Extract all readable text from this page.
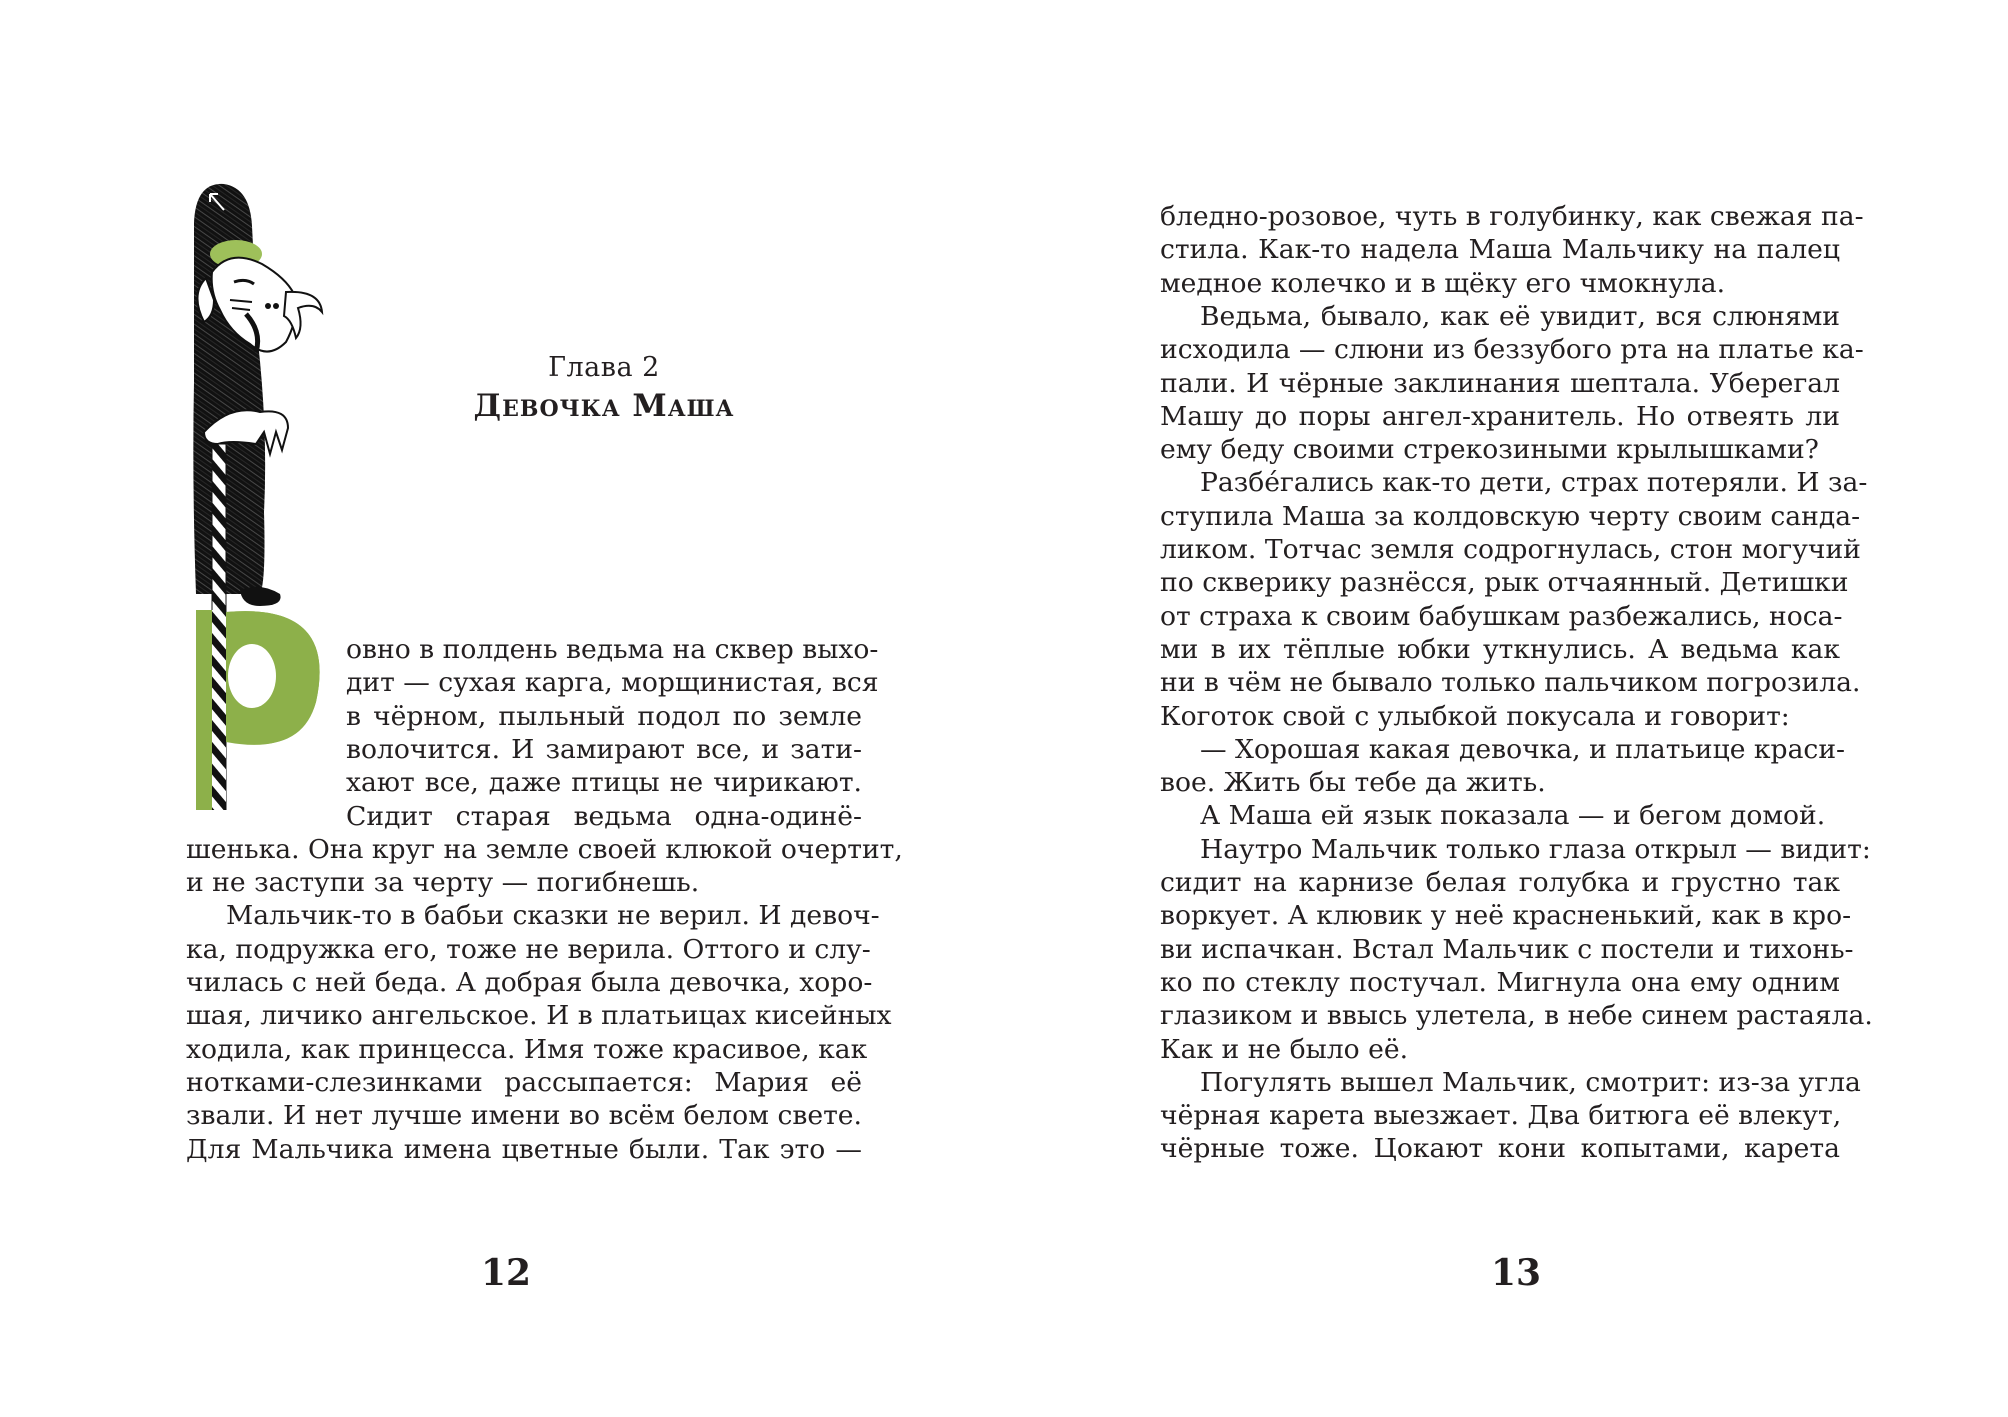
Глава 2
Девочка Маша
овно в полдень ведьма на сквер выхо-
дит — сухая карга, морщинистая, вся
в чёрном, пыльный подол по земле
волочится. И замирают все, и зати-
хают все, даже птицы не чирикают.
Сидит старая ведьма одна-одинё-
шенька. Она круг на земле своей клюкой очертит,
и не заступи за черту — погибнешь.
Мальчик-то в бабьи сказки не верил. И девоч-
ка, подружка его, тоже не верила. Оттого и слу-
чилась с ней беда. А добрая была девочка, хоро-
шая, личико ангельское. И в платьицах кисейных
ходила, как принцесса. Имя тоже красивое, как
нотками-слезинками рассыпается: Мария её
звали. И нет лучше имени во всём белом свете.
Для Мальчика имена цветные были. Так это —
12
бледно-розовое, чуть в голубинку, как свежая па-
стила. Как-то надела Маша Мальчику на палец
медное колечко и в щёку его чмокнула.
Ведьма, бывало, как её увидит, вся слюнями
исходила — слюни из беззубого рта на платье ка-
пали. И чёрные заклинания шептала. Уберегал
Машу до поры ангел-хранитель. Но отвеять ли
ему беду своими стрекозиными крылышками?
Разбéгались как-то дети, страх потеряли. И за-
ступила Маша за колдовскую черту своим санда-
ликом. Тотчас земля содрогнулась, стон могучий
по скверику разнёсся, рык отчаянный. Детишки
от страха к своим бабушкам разбежались, носа-
ми в их тёплые юбки уткнулись. А ведьма как
ни в чём не бывало только пальчиком погрозила.
Коготок свой с улыбкой покусала и говорит:
— Хорошая какая девочка, и платьице краси-
вое. Жить бы тебе да жить.
А Маша ей язык показала — и бегом домой.
Наутро Мальчик только глаза открыл — видит:
сидит на карнизе белая голубка и грустно так
воркует. А клювик у неё красненький, как в кро-
ви испачкан. Встал Мальчик с постели и тихонь-
ко по стеклу постучал. Мигнула она ему одним
глазиком и ввысь улетела, в небе синем растаяла.
Как и не было её.
Погулять вышел Мальчик, смотрит: из-за угла
чёрная карета выезжает. Два битюга её влекут,
чёрные тоже. Цокают кони копытами, карета
13
